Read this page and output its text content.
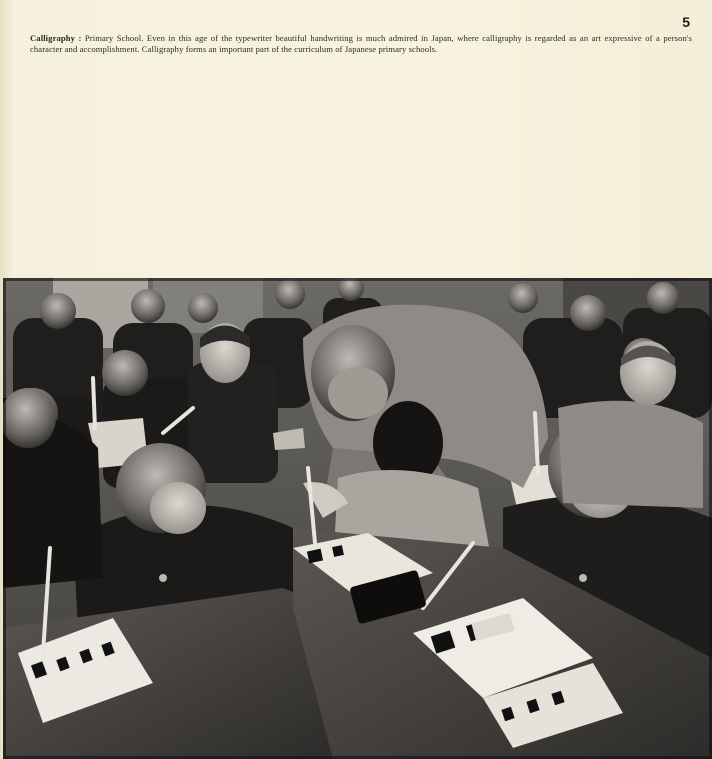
5
Calligraphy : Primary School. Even in this age of the typewriter beautiful handwriting is much admired in Japan, where calligraphy is regarded as an art expressive of a person's character and accomplishment. Calligraphy forms an important part of the curriculum of Japanese primary schools.
